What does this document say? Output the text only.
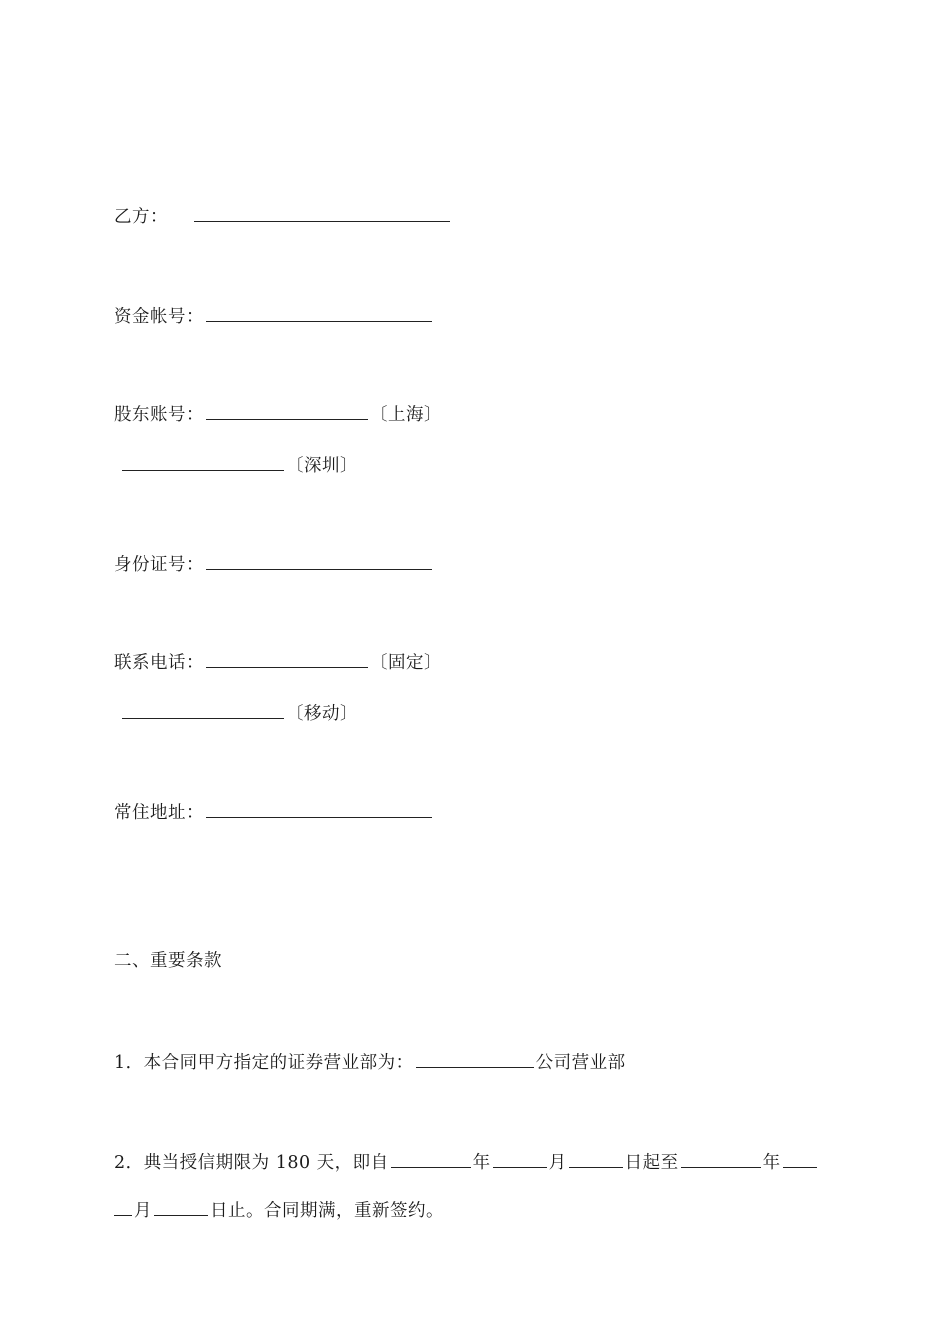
乙方：
资金帐号：
股东账号：	〔上海〕
〔深圳〕
身份证号：
联系电话：	〔固定〕
〔移动〕
常住地址：
二、重要条款
1．本合同甲方指定的证券营业部为：	公司营业部
2．典当授信期限为 180 天，即自	年	月	日起至	年
月	日止。合同期满，重新签约。
